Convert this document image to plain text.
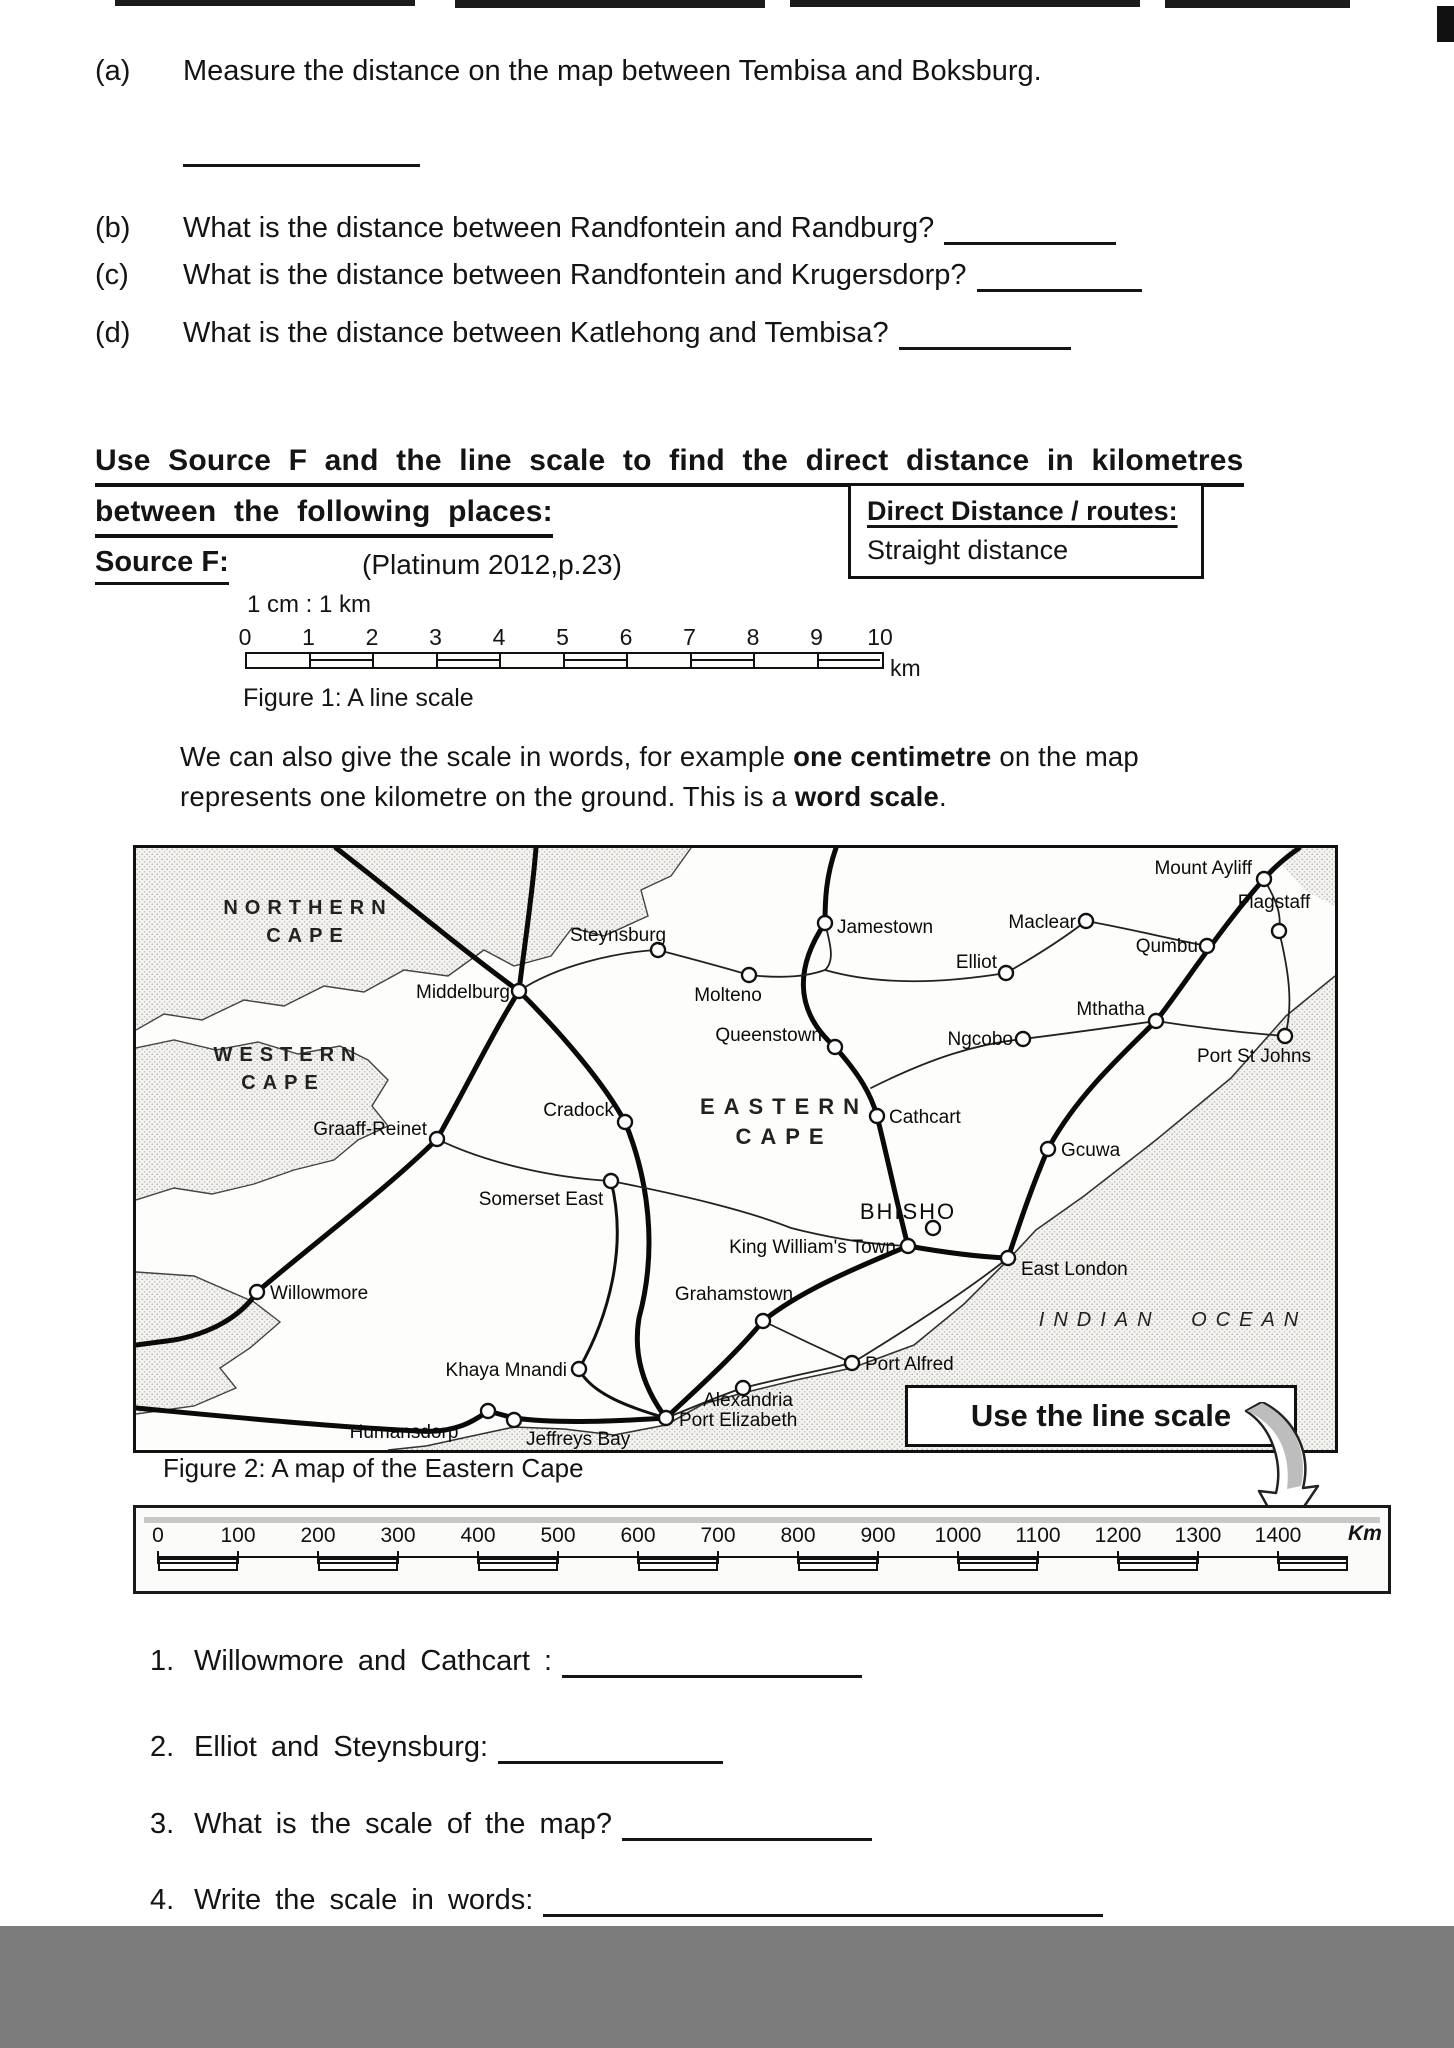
(a) Measure the distance on the map between Tembisa and Boksburg.
(b) What is the distance between Randfontein and Randburg?
(c) What is the distance between Randfontein and Krugersdorp?
(d) What is the distance between Katlehong and Tembisa?
Use Source F and the line scale to find the direct distance in kilometres
between the following places:
Source F:	(Platinum 2012,p.23)
Direct Distance / routes:
Straight distance
1 cm : 1 km
0 1 2 3 4 5 6 7 8 9 10
km
Figure 1: A line scale
We can also give the scale in words, for example one centimetre on the map
represents one kilometre on the ground. This is a word scale.
Steynsburg
Middelburg	Molteno
Jamestown	Maclear
Qumbu
Elliot
Mount Ayliff
Flagstaff
Mthatha
Ngcobo
Port St Johns
Queenstown
Cathcart
Gcuwa
Cradock
Graaff-Reinet
Somerset East
Willowmore
Khaya Mnandi
Humansdorp	Jeffreys Bay
Port Elizabeth
Alexandria
Port Alfred
Grahamstown
King William's Town
BHISHO
East London
NORTHERN
CAPE
WESTERN
CAPE
EASTERN
CAPE
INDIAN OCEAN
Use the line scale
Figure 2: A map of the Eastern Cape
0	100 200 300 400 500 600 700 800 900 1000 1100 1200 1300 1400 Km
1. Willowmore and Cathcart :
2. Elliot and Steynsburg:
3. What is the scale of the map?
4. Write the scale in words:
